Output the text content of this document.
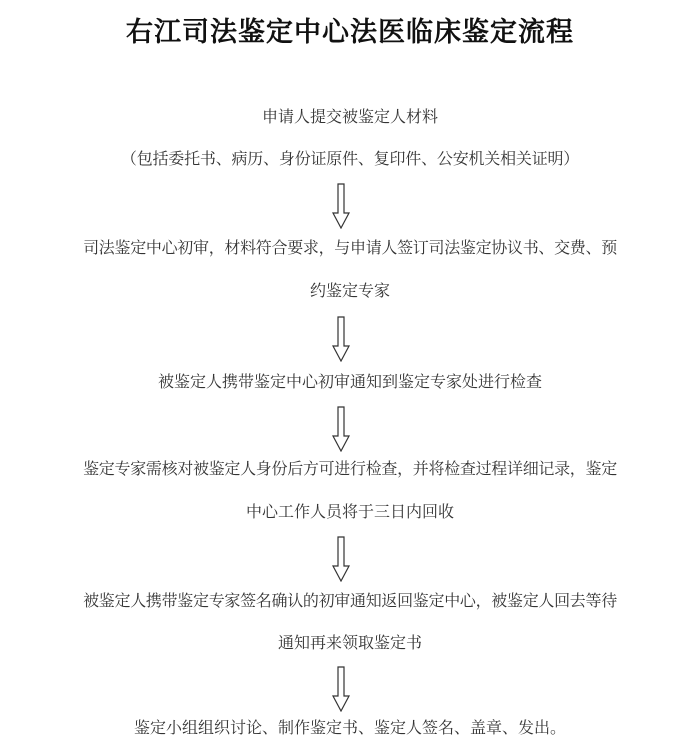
右江司法鉴定中心法医临床鉴定流程
申请人提交被鉴定人材料
（包括委托书、病历、身份证原件、复印件、公安机关相关证明）
司法鉴定中心初审，材料符合要求，与申请人签订司法鉴定协议书、交费、预
约鉴定专家
被鉴定人携带鉴定中心初审通知到鉴定专家处进行检查
鉴定专家需核对被鉴定人身份后方可进行检查，并将检查过程详细记录，鉴定
中心工作人员将于三日内回收
被鉴定人携带鉴定专家签名确认的初审通知返回鉴定中心，被鉴定人回去等待
通知再来领取鉴定书
鉴定小组组织讨论、制作鉴定书、鉴定人签名、盖章、发出。
